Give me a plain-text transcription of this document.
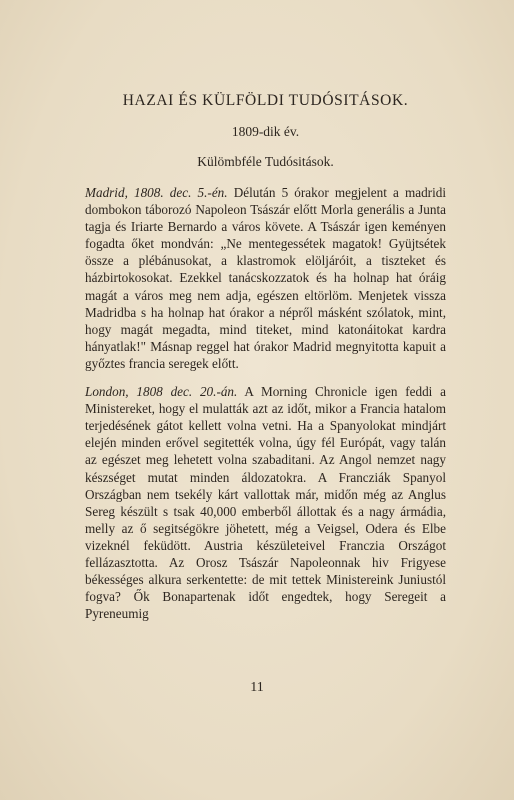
HAZAI ÉS KÜLFÖLDI TUDÓSITÁSOK.
1809-dik év.
Külömbféle Tudósitások.

Madrid, 1808. dec. 5.-én. Délután 5 órakor megjelent a madridi dombokon táborozó Napoleon Tsászár előtt Morla generális a Junta tagja és Iriarte Bernardo a város követe. A Tsászár igen keményen fogadta őket mondván: „Ne mentegessétek magatok! Gyüjtsétek össze a plébánusokat, a klastromok elöljáróit, a tiszteket és házbirtokosokat. Ezekkel tanácskozzatok és ha holnap hat óráig magát a város meg nem adja, egészen eltörlöm. Menjetek vissza Madridba s ha holnap hat órakor a népről másként szólatok, mint, hogy magát megadta, mind titeket, mind katonáitokat kardra hányatlak!" Másnap reggel hat órakor Madrid megnyitotta kapuit a győztes francia seregek előtt.

London, 1808 dec. 20.-án. A Morning Chronicle igen feddi a Ministereket, hogy el mulatták azt az időt, mikor a Francia hatalom terjedésének gátot kellett volna vetni. Ha a Spanyolokat mindjárt elején minden erővel segitették volna, úgy fél Európát, vagy talán az egészet meg lehetett volna szabaditani. Az Angol nemzet nagy készséget mutat minden áldozatokra. A Francziák Spanyol Országban nem tsekély kárt vallottak már, midőn még az Anglus Sereg készült s tsak 40,000 emberből állottak és a nagy ármádia, melly az ő segitségökre jöhetett, még a Veigsel, Odera és Elbe vizeknél feküdött. Austria készületeivel Franczia Országot fellázasztotta. Az Orosz Tsászár Napoleonnak hiv Frigyese békességes alkura serkentette: de mit tettek Ministereink Juniustól fogva? Ők Bonapartenak időt engedtek, hogy Seregeit a Pyreneumig

11
